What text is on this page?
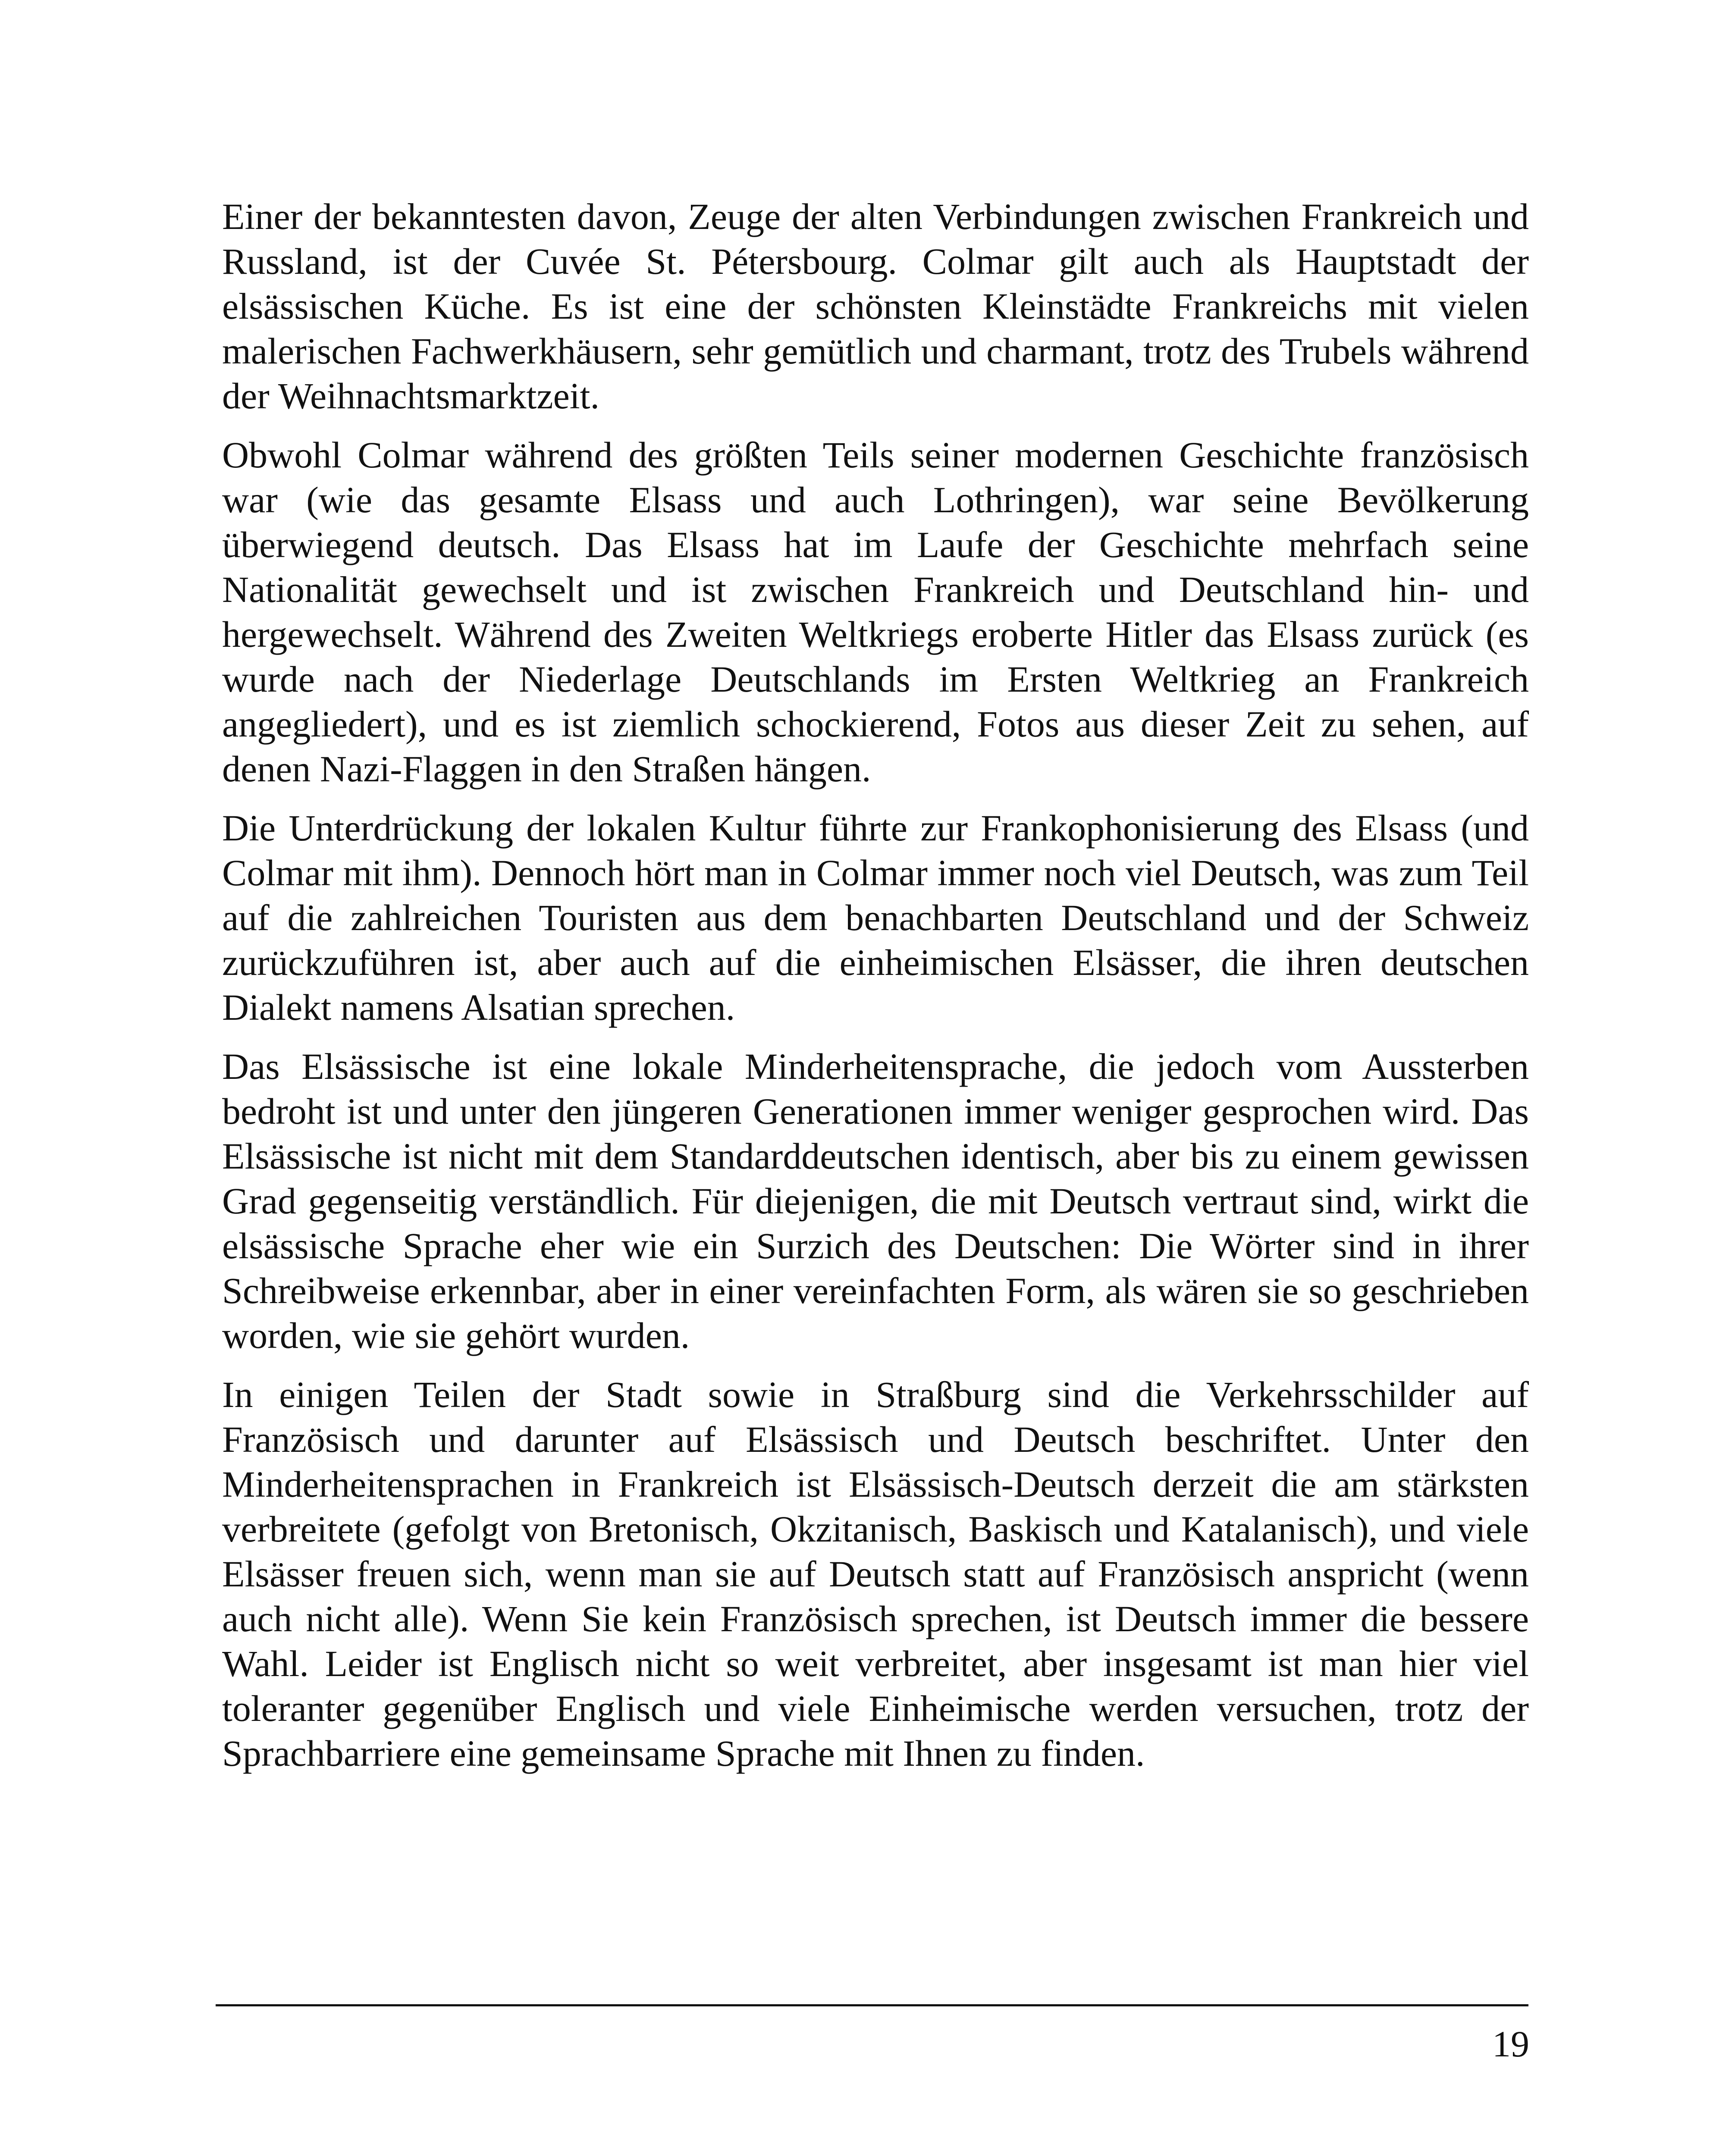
Einer der bekanntesten davon, Zeuge der alten Verbindungen zwischen Frankreich und Russland, ist der Cuvée St. Pétersbourg. Colmar gilt auch als Hauptstadt der elsässischen Küche. Es ist eine der schönsten Kleinstädte Frankreichs mit vielen malerischen Fachwerkhäusern, sehr gemütlich und charmant, trotz des Trubels während der Weihnachtsmarktzeit.

Obwohl Colmar während des größten Teils seiner modernen Geschichte französisch war (wie das gesamte Elsass und auch Lothringen), war seine Bevölkerung überwiegend deutsch. Das Elsass hat im Laufe der Geschichte mehrfach seine Nationalität gewechselt und ist zwischen Frankreich und Deutschland hin- und hergewechselt. Während des Zweiten Weltkriegs eroberte Hitler das Elsass zurück (es wurde nach der Niederlage Deutschlands im Ersten Weltkrieg an Frankreich angegliedert), und es ist ziemlich schockierend, Fotos aus dieser Zeit zu sehen, auf denen Nazi-Flaggen in den Straßen hängen.

Die Unterdrückung der lokalen Kultur führte zur Frankophonisierung des Elsass (und Colmar mit ihm). Dennoch hört man in Colmar immer noch viel Deutsch, was zum Teil auf die zahlreichen Touristen aus dem benachbarten Deutschland und der Schweiz zurückzuführen ist, aber auch auf die einheimischen Elsässer, die ihren deutschen Dialekt namens Alsatian sprechen.

Das Elsässische ist eine lokale Minderheitensprache, die jedoch vom Aussterben bedroht ist und unter den jüngeren Generationen immer weniger gesprochen wird. Das Elsässische ist nicht mit dem Standarddeutschen identisch, aber bis zu einem gewissen Grad gegenseitig verständlich. Für diejenigen, die mit Deutsch vertraut sind, wirkt die elsässische Sprache eher wie ein Surzich des Deutschen: Die Wörter sind in ihrer Schreibweise erkennbar, aber in einer vereinfachten Form, als wären sie so geschrieben worden, wie sie gehört wurden.

In einigen Teilen der Stadt sowie in Straßburg sind die Verkehrsschilder auf Französisch und darunter auf Elsässisch und Deutsch beschriftet. Unter den Minderheitensprachen in Frankreich ist Elsässisch-Deutsch derzeit die am stärksten verbreitete (gefolgt von Bretonisch, Okzitanisch, Baskisch und Katalanisch), und viele Elsässer freuen sich, wenn man sie auf Deutsch statt auf Französisch anspricht (wenn auch nicht alle). Wenn Sie kein Französisch sprechen, ist Deutsch immer die bessere Wahl. Leider ist Englisch nicht so weit verbreitet, aber insgesamt ist man hier viel toleranter gegenüber Englisch und viele Einheimische werden versuchen, trotz der Sprachbarriere eine gemeinsame Sprache mit Ihnen zu finden.

19
